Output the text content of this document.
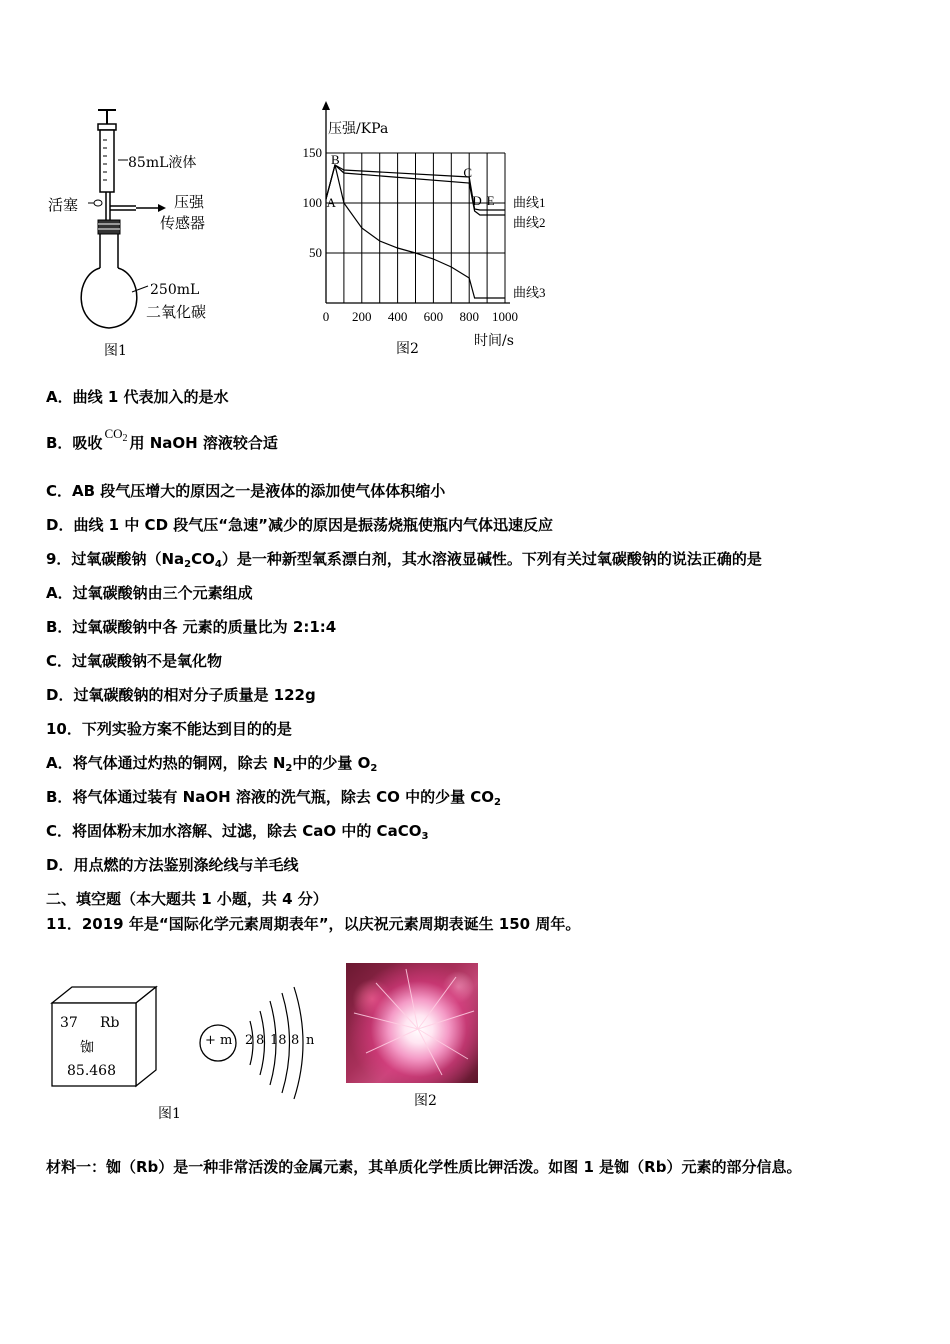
85mL液体
活塞	压强
传感器
250mL
二氧化碳
图1
0 200 400 600 800 1000
150
100
50
曲线1
曲线2
曲线3
A
B
C
D E
压强/KPa
时间/s
图2
A．曲线 1 代表加入的是水
B．吸收$CO_2$ 用 NaOH 溶液较合适
C．AB 段气压增大的原因之一是液体的添加使气体体积缩小
D．曲线 1 中 CD 段气压“急速”减少的原因是振荡烧瓶使瓶内气体迅速反应
9．过氧碳酸钠$(Na_2CO_4)$是一种新型氧系漂白剂，其水溶液显碱性。下列有关过氧碳酸钠的说法正确的是
A．过氧碳酸钠由三个元素组成
B．过氧碳酸钠中各 元素的质量比为 2:1:4
C．过氧碳酸钠不是氧化物
D．过氧碳酸钠的相对分子质量是 122g
10．下列实验方案不能达到目的的是
A．将气体通过灼热的铜网，除去 $N_2$中的少量 $O_2$
B．将气体通过装有 NaOH 溶液的洗气瓶，除去 CO 中的少量 $CO_2$
C．将固体粉末加水溶解、过滤，除去 CaO 中的 CaCO$_3$
D．用点燃的方法鉴别涤纶线与羊毛线
二、填空题（本大题共 1 小题，共 4 分）
11．2019 年是“国际化学元素周期表年”，以庆祝元素周期表诞生 150 周年。
37 Rb
铷
85.468
+ m 2 8 18 8 n
图1
图2
材料一：铷（Rb）是一种非常活泼的金属元素，其单质化学性质比钾活泼。如图 1 是铷（Rb）元素的部分信息。
